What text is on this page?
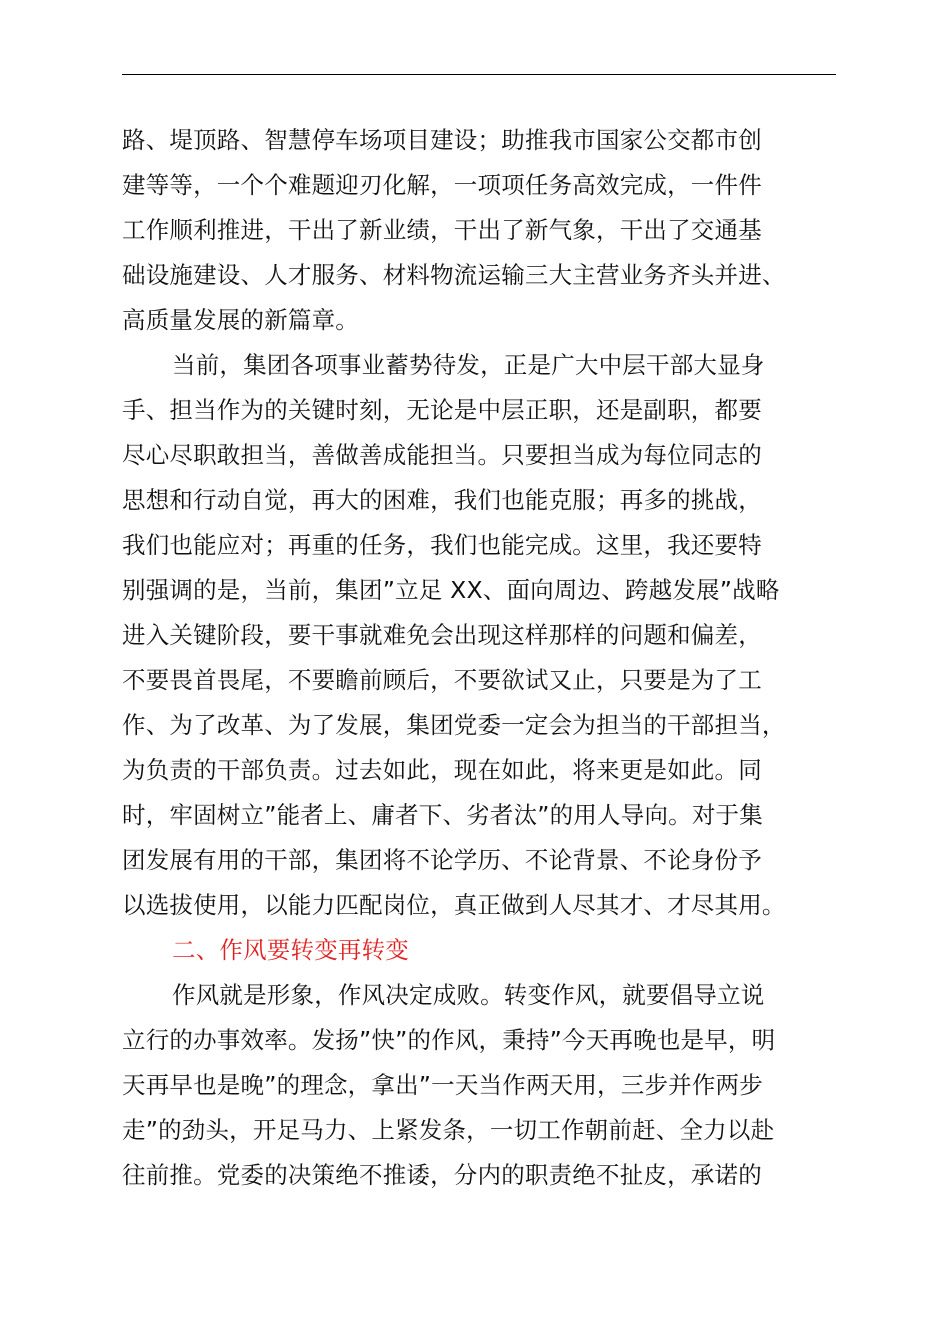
路、堤顶路、智慧停车场项目建设；助推我市国家公交都市创
建等等，一个个难题迎刃化解，一项项任务高效完成，一件件
工作顺利推进，干出了新业绩，干出了新气象，干出了交通基
础设施建设、人才服务、材料物流运输三大主营业务齐头并进、
高质量发展的新篇章。
当前，集团各项事业蓄势待发，正是广大中层干部大显身
手、担当作为的关键时刻，无论是中层正职，还是副职，都要
尽心尽职敢担当，善做善成能担当。只要担当成为每位同志的
思想和行动自觉，再大的困难，我们也能克服；再多的挑战，
我们也能应对；再重的任务，我们也能完成。这里，我还要特
别强调的是，当前，集团”立足 XX、面向周边、跨越发展”战略
进入关键阶段，要干事就难免会出现这样那样的问题和偏差，
不要畏首畏尾，不要瞻前顾后，不要欲试又止，只要是为了工
作、为了改革、为了发展，集团党委一定会为担当的干部担当，
为负责的干部负责。过去如此，现在如此，将来更是如此。同
时，牢固树立”能者上、庸者下、劣者汰”的用人导向。对于集
团发展有用的干部，集团将不论学历、不论背景、不论身份予
以选拔使用，以能力匹配岗位，真正做到人尽其才、才尽其用。
二、作风要转变再转变
作风就是形象，作风决定成败。转变作风，就要倡导立说
立行的办事效率。发扬”快”的作风，秉持”今天再晚也是早，明
天再早也是晚”的理念，拿出”一天当作两天用，三步并作两步
走”的劲头，开足马力、上紧发条，一切工作朝前赶、全力以赴
往前推。党委的决策绝不推诿，分内的职责绝不扯皮，承诺的
